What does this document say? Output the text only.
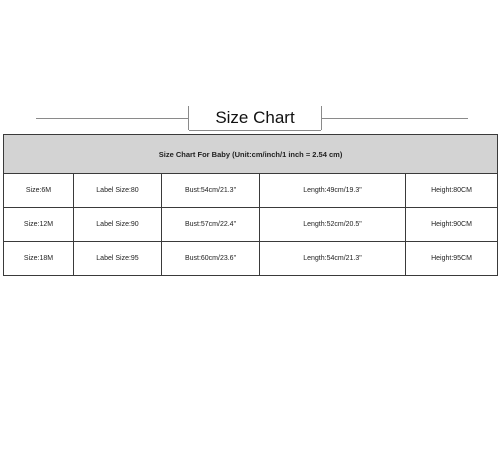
Size Chart
Size Chart For Baby (Unit:cm/inch/1 inch = 2.54 cm)				
Size:6M	Label Size:80	Bust:54cm/21.3"	Length:49cm/19.3"	Height:80CM
Size:12M	Label Size:90	Bust:57cm/22.4"	Length:52cm/20.5"	Height:90CM
Size:18M	Label Size:95	Bust:60cm/23.6"	Length:54cm/21.3"	Height:95CM
